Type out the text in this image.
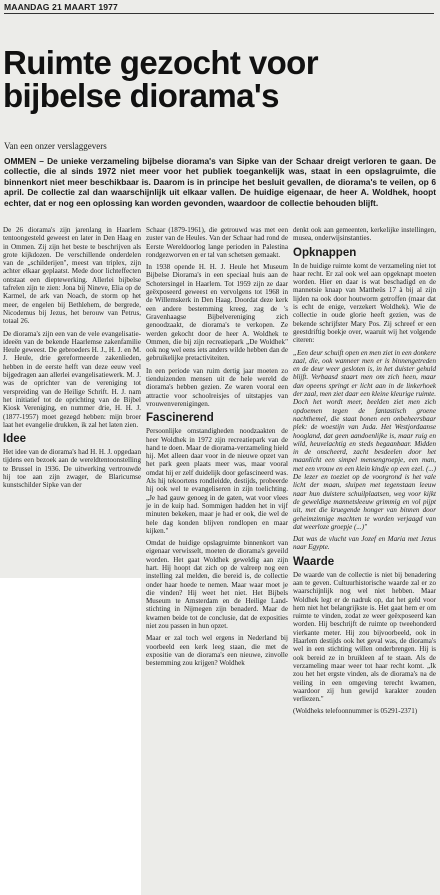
MAANDAG 21 MAART 1977
Ruimte gezocht voor bijbelse diorama's
Van een onzer verslaggevers
OMMEN – De unieke verzameling bijbelse diorama's van Sipke van der Schaar dreigt verloren te gaan. De collectie, die al sinds 1972 niet meer voor het publiek toegankelijk was, staat in een opslagruimte, die binnenkort niet meer beschikbaar is. Daarom is in principe het besluit gevallen, de diorama's te veilen, op 6 april. De collectie zal dan waarschijnlijk uit elkaar vallen. De huidige eigenaar, de heer A. Woldhek, hoopt echter, dat er nog een oplossing kan worden gevonden, waardoor de collectie behouden blijft.

De 26 diorama's zijn jarenlang in Haarlem tentoongesteld geweest en later in Den Haag en in Ommen. Zij zijn het beste te beschrijven als grote kijkdozen. De verschillende onderdelen van de „schilderijen", meest van triplex, zijn achter elkaar geplaatst. Mede door lichteffecten ontstaat een dieptewerking. Allerlei bijbelse tafrelen zijn te zien: Jona bij Nineve, Elia op de Karmel, de ark van Noach, de storm op het meer, de engelen bij Bethlehem, de bergrede, Nicodemus bij Jezus, het berouw van Petrus, totaal 26.

De diorama's zijn een van de vele evangelisatieideeën van de bekende Haarlemse zakenfamilie Heule geweest. De gebroeders H. J., H. J. en M. J. Heule, drie gereformeerde zakenlieden, hebben in de eerste helft van deze eeuw veel bijgedragen aan allerlei evangelisatiewerk. M. J. was de oprichter van de vereniging tot verspreiding van de Heilige Schrift. H. J. nam het initiatief tot de oprichting van de Bijbel Kiosk Vereniging, en nummer drie, H. H. J. (1877-1957) moet gezegd hebben: mijn broer laat het evangelie drukken, ik zal het laten zien.

Idee

Het idee van de diorama's had H. H. J. opgedaan tijdens een bezoek aan de wereldtentoonstelling te Brussel in 1936. De uitwerking vertrouwde hij toe aan zijn zwager, de Blaricumse kunstschilder Sipke van der

Schaar (1879-1961), die getrouwd was met een zuster van de Heules. Van der Schaar had rond de Eerste Wereldoorlog lange perioden in Palestina rondgezworven en er tal van schetsen gemaakt.

In 1938 opende H. H. J. Heule het Museum Bijbelse Diorama's in een speciaal huis aan de Schotersingel in Haarlem. Tot 1959 zijn ze daar geëxposeerd geweest en vervolgens tot 1968 in de Willemskerk in Den Haag. Doordat deze kerk een andere bestemming kreeg, zag de 's Gravenhaagse Bijbelvereniging zich genoodzaakt, de diorama's te verkopen. Ze werden gekocht door de heer A. Woldhek te Ommen, die bij zijn recreatiepark „De Woldhek" ook nog wel eens iets anders wilde hebben dan de gebruikelijke pretactiviteiten.

In een periode van ruim dertig jaar moeten zo tienduizenden mensen uit de hele wereld de diorama's hebben gezien. Ze waren vooral een attractie voor schoolreisjes of uitstapjes van vrouwenverenigingen.

Fascinerend

Persoonlijke omstandigheden noodzaakten de heer Woldhek in 1972 zijn recreatiepark van de hand te doen. Maar de diorama-verzameling hield hij. Met alleen daar voor in de nieuwe opzet van het park geen plaats meer was, maar vooral omdat hij er zelf duidelijk door gefascineerd was. Als hij tekoortens rondleidde, destijds, probeerde hij ook wel te evangeliseren in zijn toelichting. „Je had gauw genoeg in de gaten, wat voor vlees je in de kuip had. Sommigen hadden het in vijf minuten bekeken, maar je had er ook, die wel de hele dag konden blijven rondlopen en maar kijken."

Omdat de huidige opslagruimte binnenkort van eigenaar verwisselt, moeten de diorama's geveild worden. Het gaat Woldhek geweldig aan zijn hart. Hij hoopt dat zich op de valreep nog een instelling zal melden, die bereid is, de collectie onder haar hoede te nemen. Maar waar moet je die vinden? Hij weet het niet. Het Bijbels Museum te Amsterdam en de Heilige Land-stichting in Nijmegen zijn benaderd. Maar de kwamen beide tot de conclusie, dat de exposities niet zou passen in hun opzet.

Maar er zal toch wel ergens in Nederland bij voorbeeld een kerk leeg staan, die met de expositie van de diorama's een nieuwe, zinvolle bestemming zou krijgen? Woldhek

denkt ook aan gemeenten, kerkelijke instellingen, musea, onderwijsinstanties.

Opknappen

In de huidige ruimte komt de verzameling niet tot haar recht. Er zal ook wel aan opgeknapt moeten worden. Hier en daar is wat beschadigd en de mannetsie knaap van Mattheüs 17 à bij al zijn lijden na ook door houtworm getroffen (maar dat is echt de enige, verzekert Woldhek). Wie de collectie in oude glorie heeft gezien, was de bekende schrijfster Mary Pos. Zij schreef er een geestdriftig boekje over, waaruit wij het volgende citeren:

„Een deur schuift open en men ziet in een donkere zaal, die, ook wanneer men er is binnengetreden en de deur weer gesloten is, in het duister gehuld blijft. Verbaasd staart men om zich heen, maar dan opeens springt er licht aan in de linkerhoek der zaal, men ziet daar een kleine kleurige ruimte. Doch het wordt meer, beelden ziet men zich opdoemen tegen de fantastisch groene nachthemel, die staat bonen een onbeheersbaar plek: de woestijn van Juda. Het Westjordaanse hoogland, dat geen aandoenlijke is, maar ruig en wild, heuvelachtig en steds begaanbaar. Midden in de onscheerd, zacht besdeelen door het maanlicht een simpel mensengroepje, een man, met een vrouw en een klein kindje op een ezel. (...) De lezer en toeziet op de voorgrond is het vale licht der maan, sluipen met tegenstaan leeuw naar hun duistere schuilplaatsen, weg voor kijkt de geweldige mannetsleeuw grimmig en vol pijpt uit, met die kruegende honger van binnen door geheimzinnige machten te worden verjaagd van dat weerloze groepje (...)"

Dat was de vlucht van Jozef en Maria met Jezus naar Egypte.

Waarde

De waarde van de collectie is niet bij benadering aan te geven. Cultuurhistorische waarde zal er zo waarschijnlijk nog wel niet hebben. Maar Woldhek legt er de nadruk op, dat het geld voor hem niet het belangrijkste is. Het gaat hem er om ruimte te vinden, zodat ze weer geëxposeerd kan worden. Hij beschrijft de ruimte op tweehonderd vierkante meter. Hij zou bijvoorbeeld, ook in Haarlem destijds ook het geval was, de diorama's wel in een stichting willen onderbrengen. Hij is ook bereid ze in bruikleen af te staan. Als de verzameling maar weer tot haar recht komt. „Ik zou het het ergste vinden, als de diorama's na de veiling in een omgeving terecht kwamen, waardoor zij hun gewijd karakter zouden verliezen."

(Woldheks telefoonnummer is 05291-2371)
